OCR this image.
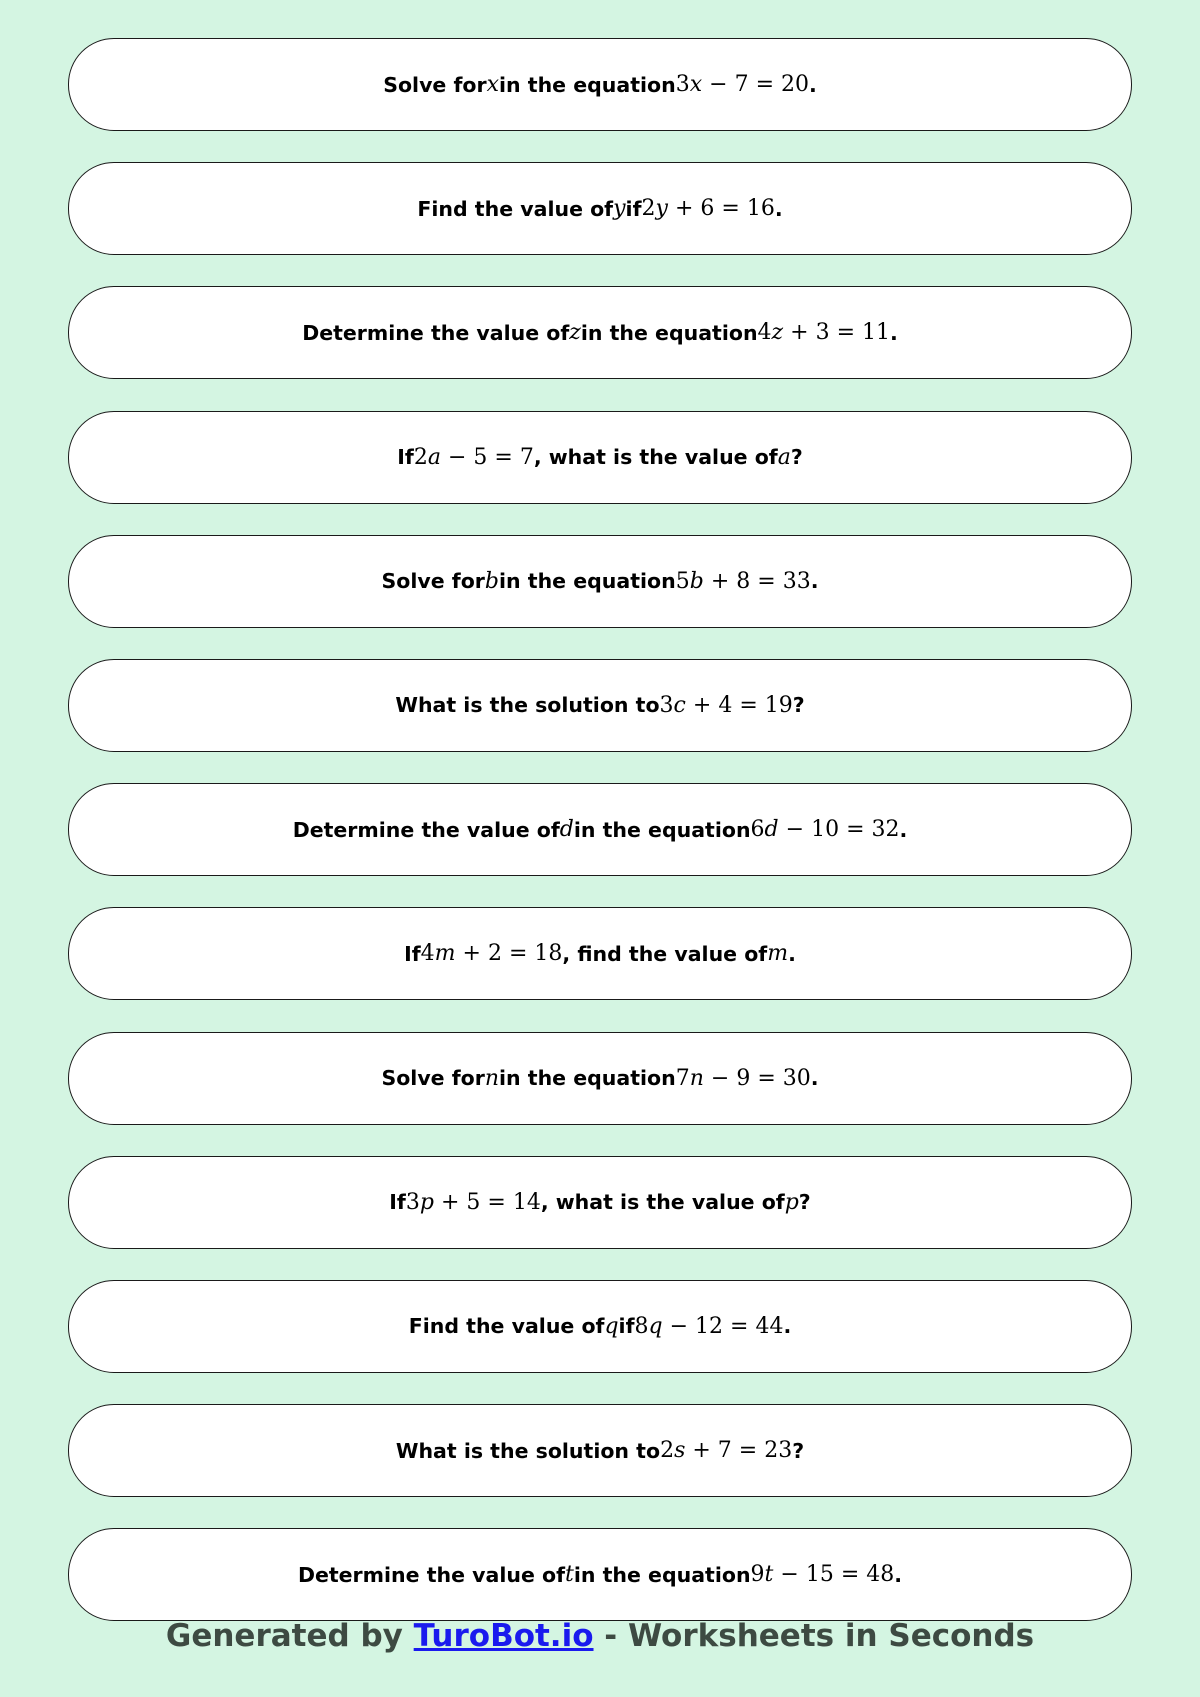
Solve for x in the equation 3x − 7 = 20 .
Find the value of y if 2y + 6 = 16 .
Determine the value of z in the equation 4z + 3 = 11 .
If 2a − 5 = 7 , what is the value of a ?
Solve for b in the equation 5b + 8 = 33 .
What is the solution to 3c + 4 = 19 ?
Determine the value of d in the equation 6d − 10 = 32 .
If 4m + 2 = 18 , find the value of m .
Solve for n in the equation 7n − 9 = 30 .
If 3p + 5 = 14 , what is the value of p ?
Find the value of q if 8q − 12 = 44 .
What is the solution to 2s + 7 = 23 ?
Determine the value of t in the equation 9t − 15 = 48 .
Generated by TuroBot.io - Worksheets in Seconds
